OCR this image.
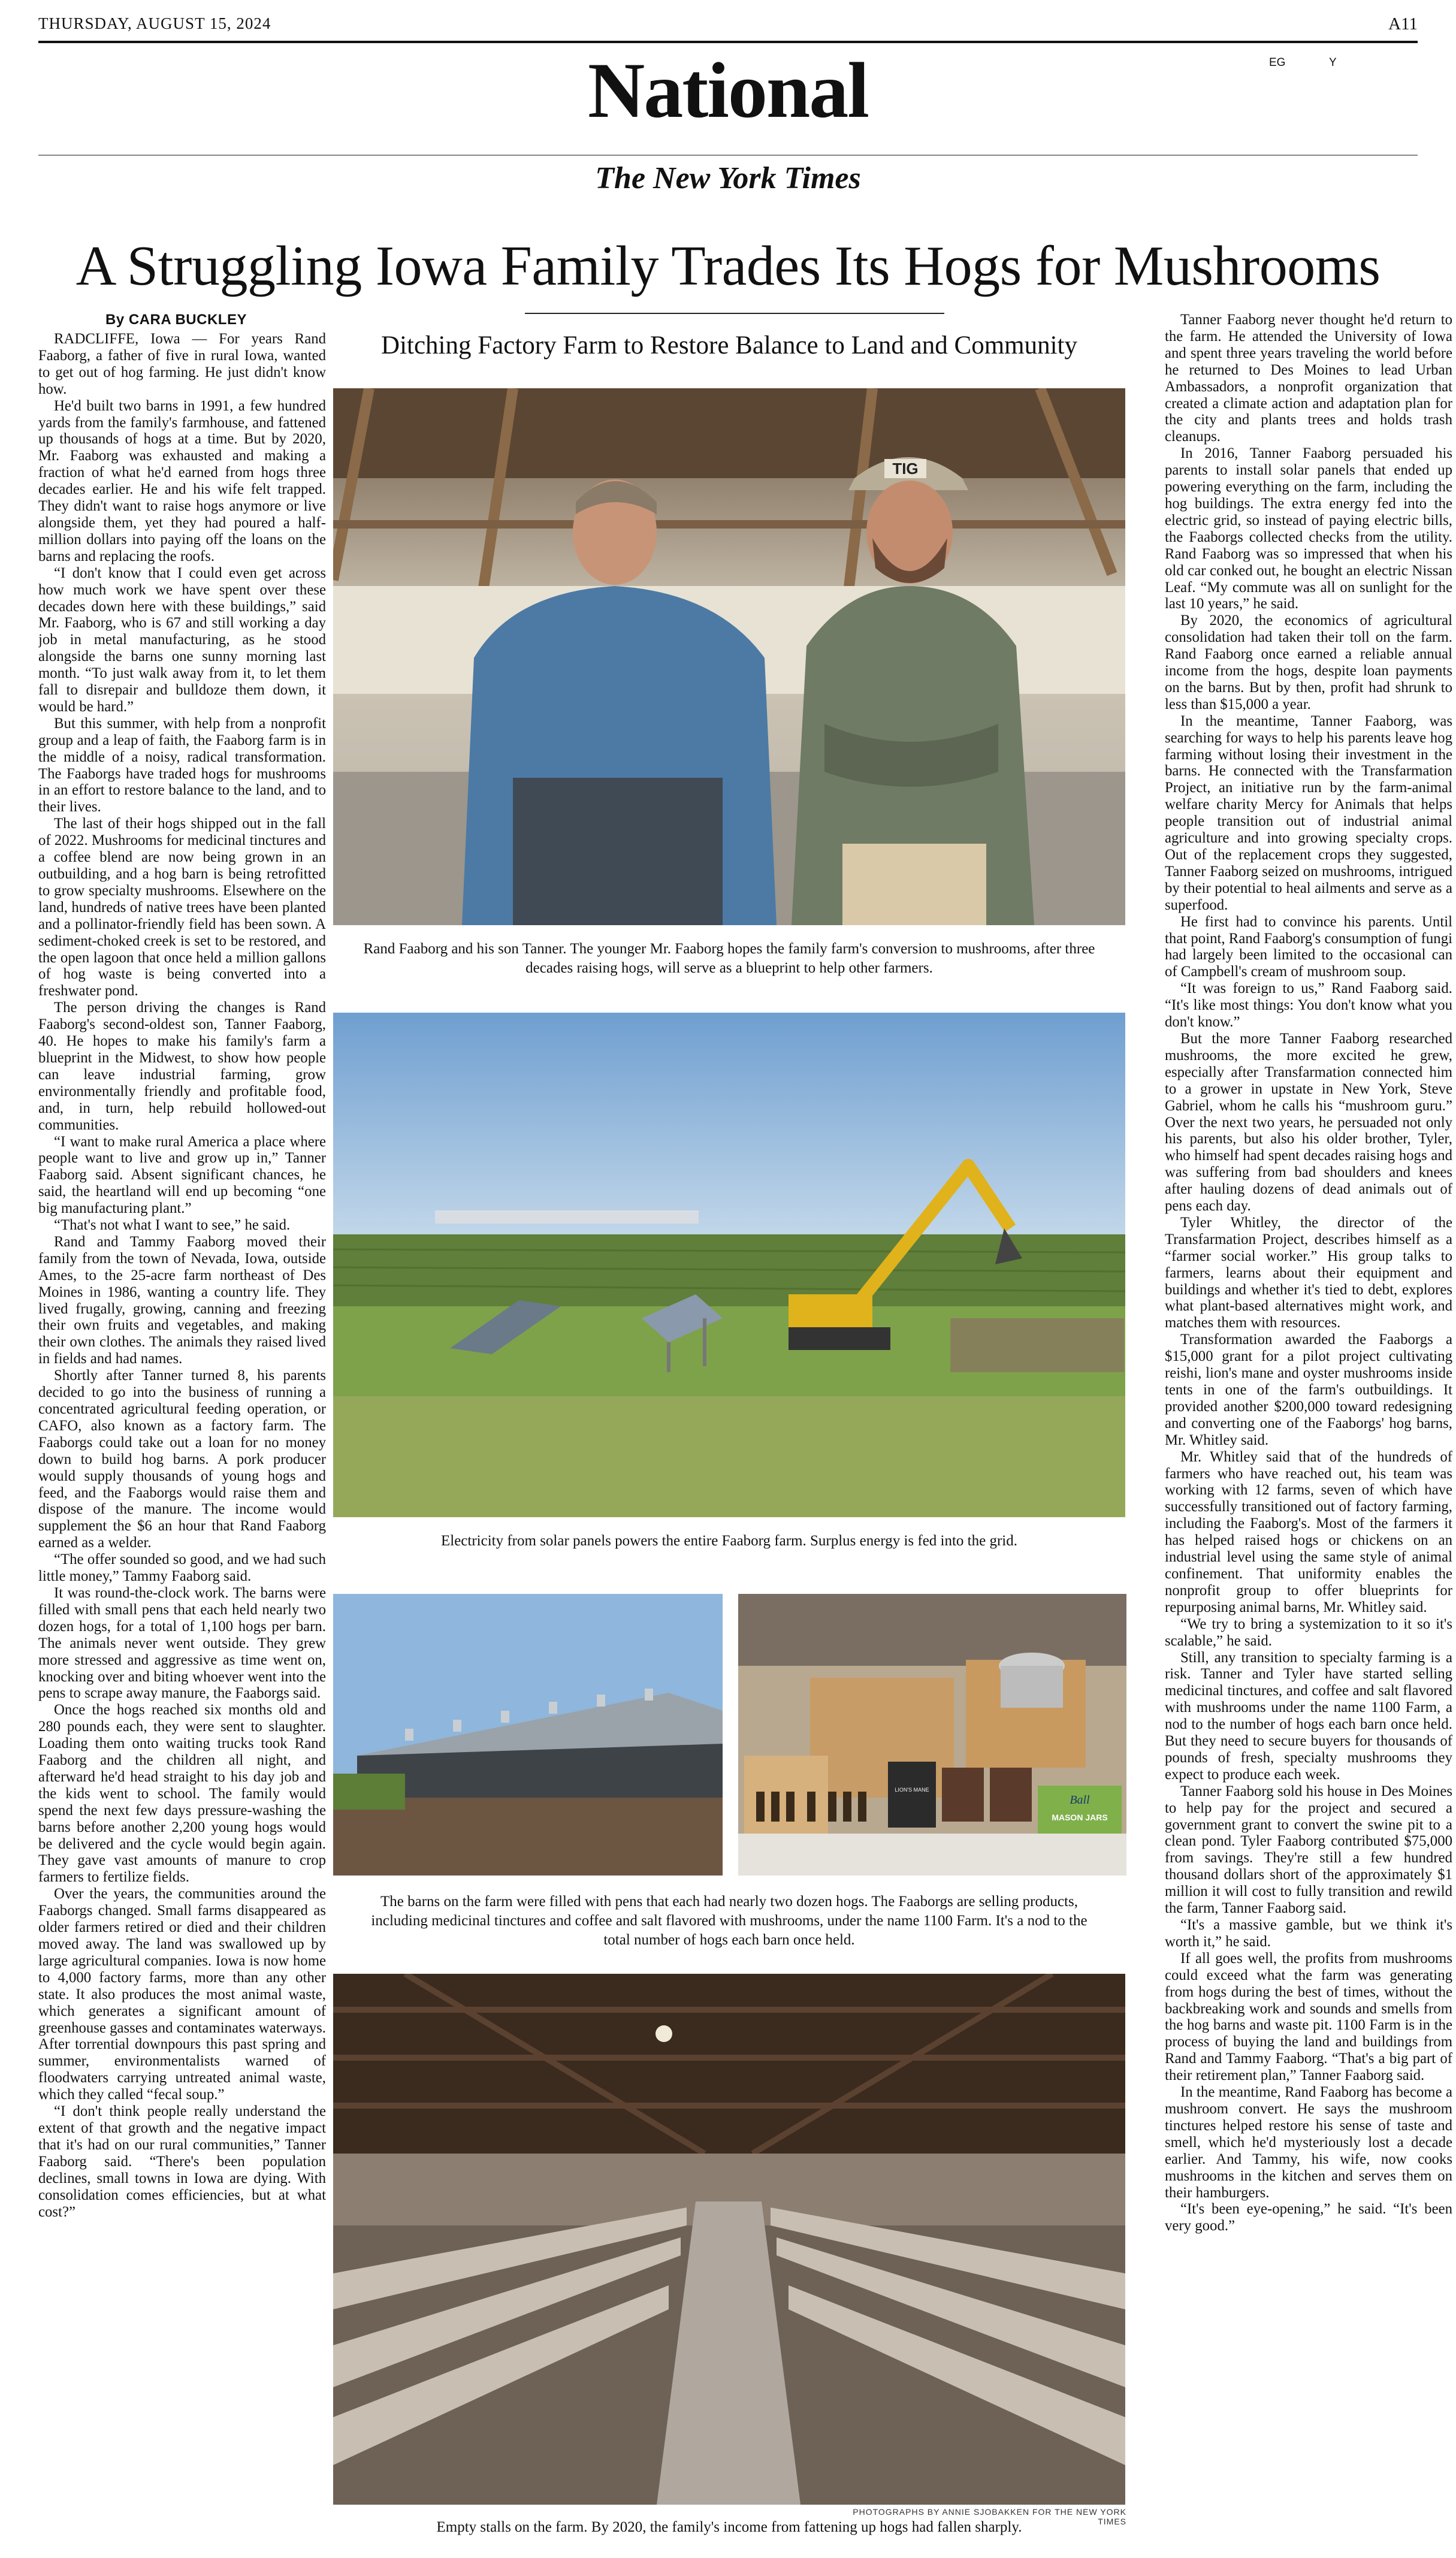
THURSDAY, AUGUST 15, 2024	A11
National	EG	Y
The New York Times
A Struggling Iowa Family Trades Its Hogs for Mushrooms
Ditching Factory Farm to Restore Balance to Land and Community
By CARA BUCKLEY

RADCLIFFE, Iowa — For years Rand Faaborg, a father of five in rural Iowa, wanted to get out of hog farming. He just didn't know how.

He'd built two barns in 1991, a few hundred yards from the family's farmhouse, and fattened up thousands of hogs at a time. But by 2020, Mr. Faaborg was exhausted and making a fraction of what he'd earned from hogs three decades earlier. He and his wife felt trapped. They didn't want to raise hogs anymore or live alongside them, yet they had poured a half-million dollars into paying off the loans on the barns and replacing the roofs.

“I don't know that I could even get across how much work we have spent over these decades down here with these buildings,” said Mr. Faaborg, who is 67 and still working a day job in metal manufacturing, as he stood alongside the barns one sunny morning last month. “To just walk away from it, to let them fall to disrepair and bulldoze them down, it would be hard.”

But this summer, with help from a nonprofit group and a leap of faith, the Faaborg farm is in the middle of a noisy, radical transformation. The Faaborgs have traded hogs for mushrooms in an effort to restore balance to the land, and to their lives.

The last of their hogs shipped out in the fall of 2022. Mushrooms for medicinal tinctures and a coffee blend are now being grown in an outbuilding, and a hog barn is being retrofitted to grow specialty mushrooms. Elsewhere on the land, hundreds of native trees have been planted and a pollinator-friendly field has been sown. A sediment-choked creek is set to be restored, and the open lagoon that once held a million gallons of hog waste is being converted into a freshwater pond.

The person driving the changes is Rand Faaborg's second-oldest son, Tanner Faaborg, 40. He hopes to make his family's farm a blueprint in the Midwest, to show how people can leave industrial farming, grow environmentally friendly and profitable food, and, in turn, help rebuild hollowed-out communities.

“I want to make rural America a place where people want to live and grow up in,” Tanner Faaborg said. Absent significant chances, he said, the heartland will end up becoming “one big manufacturing plant.”

“That's not what I want to see,” he said.

Rand and Tammy Faaborg moved their family from the town of Nevada, Iowa, outside Ames, to the 25-acre farm northeast of Des Moines in 1986, wanting a country life. They lived frugally, growing, canning and freezing their own fruits and vegetables, and making their own clothes. The animals they raised lived in fields and had names.

Shortly after Tanner turned 8, his parents decided to go into the business of running a concentrated agricultural feeding operation, or CAFO, also known as a factory farm. The Faaborgs could take out a loan for no money down to build hog barns. A pork producer would supply thousands of young hogs and feed, and the Faaborgs would raise them and dispose of the manure. The income would supplement the $6 an hour that Rand Faaborg earned as a welder.

“The offer sounded so good, and we had such little money,” Tammy Faaborg said.

It was round-the-clock work. The barns were filled with small pens that each held nearly two dozen hogs, for a total of 1,100 hogs per barn. The animals never went outside. They grew more stressed and aggressive as time went on, knocking over and biting whoever went into the pens to scrape away manure, the Faaborgs said.

Once the hogs reached six months old and 280 pounds each, they were sent to slaughter. Loading them onto waiting trucks took Rand Faaborg and the children all night, and afterward he'd head straight to his day job and the kids went to school. The family would spend the next few days pressure-washing the barns before another 2,200 young hogs would be delivered and the cycle would begin again. They gave vast amounts of manure to crop farmers to fertilize fields.

Over the years, the communities around the Faaborgs changed. Small farms disappeared as older farmers retired or died and their children moved away. The land was swallowed up by large agricultural companies. Iowa is now home to 4,000 factory farms, more than any other state. It also produces the most animal waste, which generates a significant amount of greenhouse gasses and contaminates waterways. After torrential downpours this past spring and summer, environmentalists warned of floodwaters carrying untreated animal waste, which they called “fecal soup.”

“I don't think people really understand the extent of that growth and the negative impact that it's had on our rural communities,” Tanner Faaborg said. “There's been population declines, small towns in Iowa are dying. With consolidation comes efficiencies, but at what cost?”

Tanner Faaborg never thought he'd return to the farm. He attended the University of Iowa and spent three years traveling the world before he returned to Des Moines to lead Urban Ambassadors, a nonprofit organization that created a climate action and adaptation plan for the city and plants trees and holds trash cleanups.

In 2016, Tanner Faaborg persuaded his parents to install solar panels that ended up powering everything on the farm, including the hog buildings. The extra energy fed into the electric grid, so instead of paying electric bills, the Faaborgs collected checks from the utility. Rand Faaborg was so impressed that when his old car conked out, he bought an electric Nissan Leaf. “My commute was all on sunlight for the last 10 years,” he said.

By 2020, the economics of agricultural consolidation had taken their toll on the farm. Rand Faaborg once earned a reliable annual income from the hogs, despite loan payments on the barns. But by then, profit had shrunk to less than $15,000 a year.

In the meantime, Tanner Faaborg, was searching for ways to help his parents leave hog farming without losing their investment in the barns. He connected with the Transfarmation Project, an initiative run by the farm-animal welfare charity Mercy for Animals that helps people transition out of industrial animal agriculture and into growing specialty crops. Out of the replacement crops they suggested, Tanner Faaborg seized on mushrooms, intrigued by their potential to heal ailments and serve as a superfood.

He first had to convince his parents. Until that point, Rand Faaborg's consumption of fungi had largely been limited to the occasional can of Campbell's cream of mushroom soup.

“It was foreign to us,” Rand Faaborg said. “It's like most things: You don't know what you don't know.”

But the more Tanner Faaborg researched mushrooms, the more excited he grew, especially after Transfarmation connected him to a grower in upstate in New York, Steve Gabriel, whom he calls his “mushroom guru.” Over the next two years, he persuaded not only his parents, but also his older brother, Tyler, who himself had spent decades raising hogs and was suffering from bad shoulders and knees after hauling dozens of dead animals out of pens each day.

Tyler Whitley, the director of the Transfarmation Project, describes himself as a “farmer social worker.” His group talks to farmers, learns about their equipment and buildings and whether it's tied to debt, explores what plant-based alternatives might work, and matches them with resources.

Transformation awarded the Faaborgs a $15,000 grant for a pilot project cultivating reishi, lion's mane and oyster mushrooms inside tents in one of the farm's outbuildings. It provided another $200,000 toward redesigning and converting one of the Faaborgs' hog barns, Mr. Whitley said.

Mr. Whitley said that of the hundreds of farmers who have reached out, his team was working with 12 farms, seven of which have successfully transitioned out of factory farming, including the Faaborg's. Most of the farmers it has helped raised hogs or chickens on an industrial level using the same style of animal confinement. That uniformity enables the nonprofit group to offer blueprints for repurposing animal barns, Mr. Whitley said.

“We try to bring a systemization to it so it's scalable,” he said.

Still, any transition to specialty farming is a risk. Tanner and Tyler have started selling medicinal tinctures, and coffee and salt flavored with mushrooms under the name 1100 Farm, a nod to the number of hogs each barn once held. But they need to secure buyers for thousands of pounds of fresh, specialty mushrooms they expect to produce each week.

Tanner Faaborg sold his house in Des Moines to help pay for the project and secured a government grant to convert the swine pit to a clean pond. Tyler Faaborg contributed $75,000 from savings. They're still a few hundred thousand dollars short of the approximately $1 million it will cost to fully transition and rewild the farm, Tanner Faaborg said.

“It's a massive gamble, but we think it's worth it,” he said.

If all goes well, the profits from mushrooms could exceed what the farm was generating from hogs during the best of times, without the backbreaking work and sounds and smells from the hog barns and waste pit. 1100 Farm is in the process of buying the land and buildings from Rand and Tammy Faaborg. “That's a big part of their retirement plan,” Tanner Faaborg said.

In the meantime, Rand Faaborg has become a mushroom convert. He says the mushroom tinctures helped restore his sense of taste and smell, which he'd mysteriously lost a decade earlier. And Tammy, his wife, now cooks mushrooms in the kitchen and serves them on their hamburgers.

“It's been eye-opening,” he said. “It's been very good.”

TIG
Rand Faaborg and his son Tanner. The younger Mr. Faaborg hopes the family farm's conversion to mushrooms, after three decades raising hogs, will serve as a blueprint to help other farmers.
Electricity from solar panels powers the entire Faaborg farm. Surplus energy is fed into the grid.
LION'S MANE
Ball
MASON JARS
The barns on the farm were filled with pens that each had nearly two dozen hogs. The Faaborgs are selling products, including medicinal tinctures and coffee and salt flavored with mushrooms, under the name 1100 Farm. It's a nod to the total number of hogs each barn once held.
PHOTOGRAPHS BY ANNIE SJOBAKKEN FOR THE NEW YORK TIMES
Empty stalls on the farm. By 2020, the family's income from fattening up hogs had fallen sharply.
